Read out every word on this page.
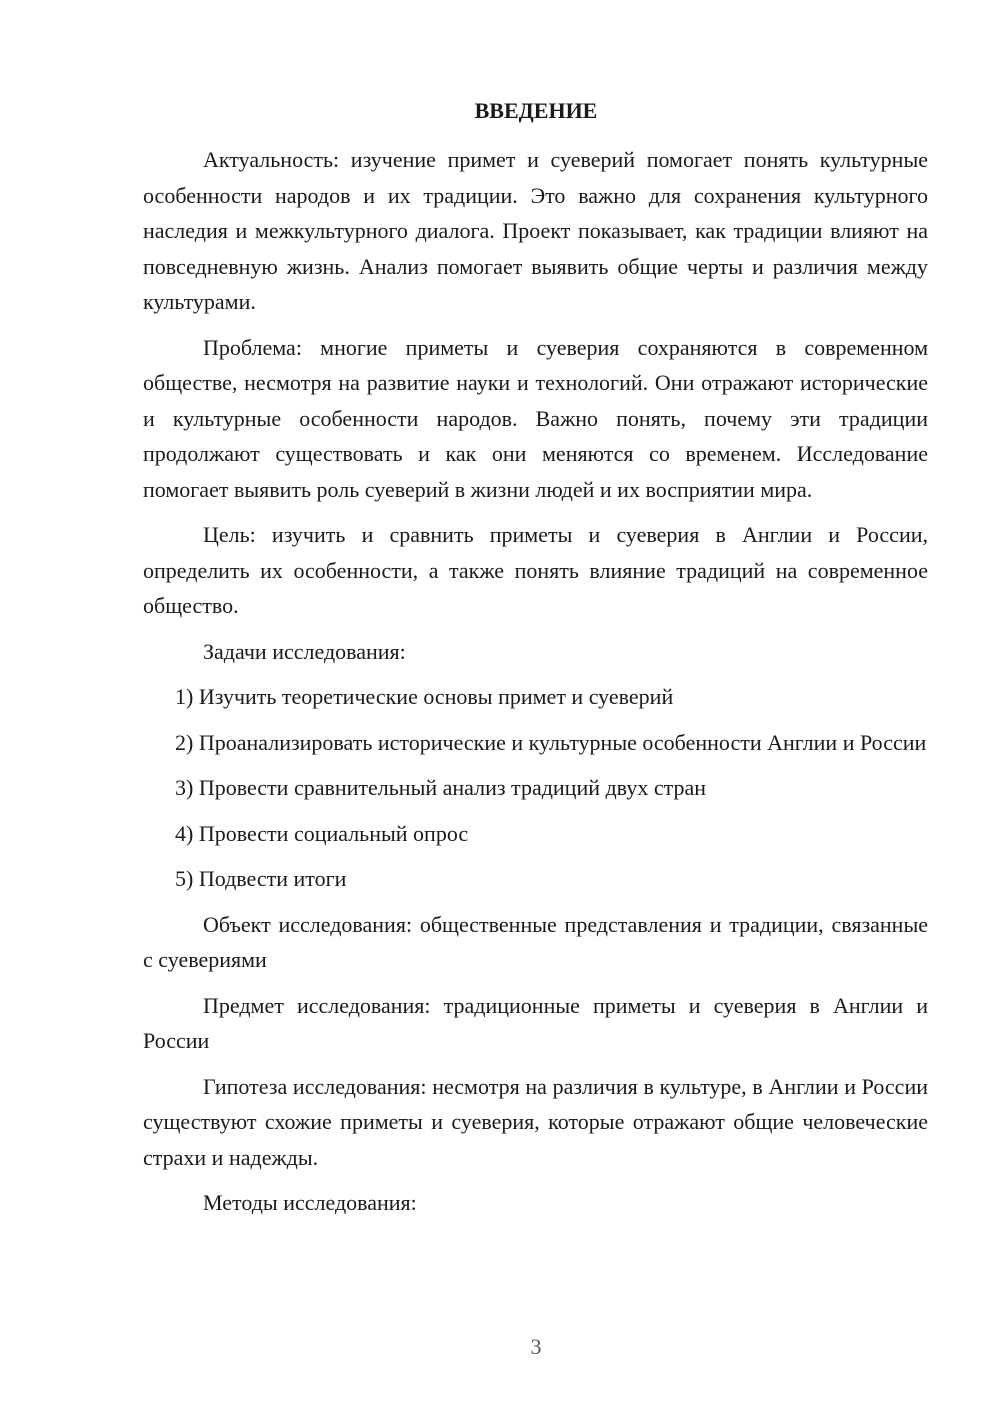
ВВЕДЕНИЕ

Актуальность: изучение примет и суеверий помогает понять культурные особенности народов и их традиции. Это важно для сохранения культурного наследия и межкультурного диалога. Проект показывает, как традиции влияют на повседневную жизнь. Анализ помогает выявить общие черты и различия между культурами.

Проблема: многие приметы и суеверия сохраняются в современном обществе, несмотря на развитие науки и технологий. Они отражают исторические и культурные особенности народов. Важно понять, почему эти традиции продолжают существовать и как они меняются со временем. Исследование помогает выявить роль суеверий в жизни людей и их восприятии мира.

Цель: изучить и сравнить приметы и суеверия в Англии и России, определить их особенности, а также понять влияние традиций на современное общество.

Задачи исследования:

1) Изучить теоретические основы примет и суеверий

2) Проанализировать исторические и культурные особенности Англии и России

3) Провести сравнительный анализ традиций двух стран

4) Провести социальный опрос

5) Подвести итоги

Объект исследования: общественные представления и традиции, связанные с суевериями

Предмет исследования: традиционные приметы и суеверия в Англии и России

Гипотеза исследования: несмотря на различия в культуре, в Англии и России существуют схожие приметы и суеверия, которые отражают общие человеческие страхи и надежды.

Методы исследования:

3
